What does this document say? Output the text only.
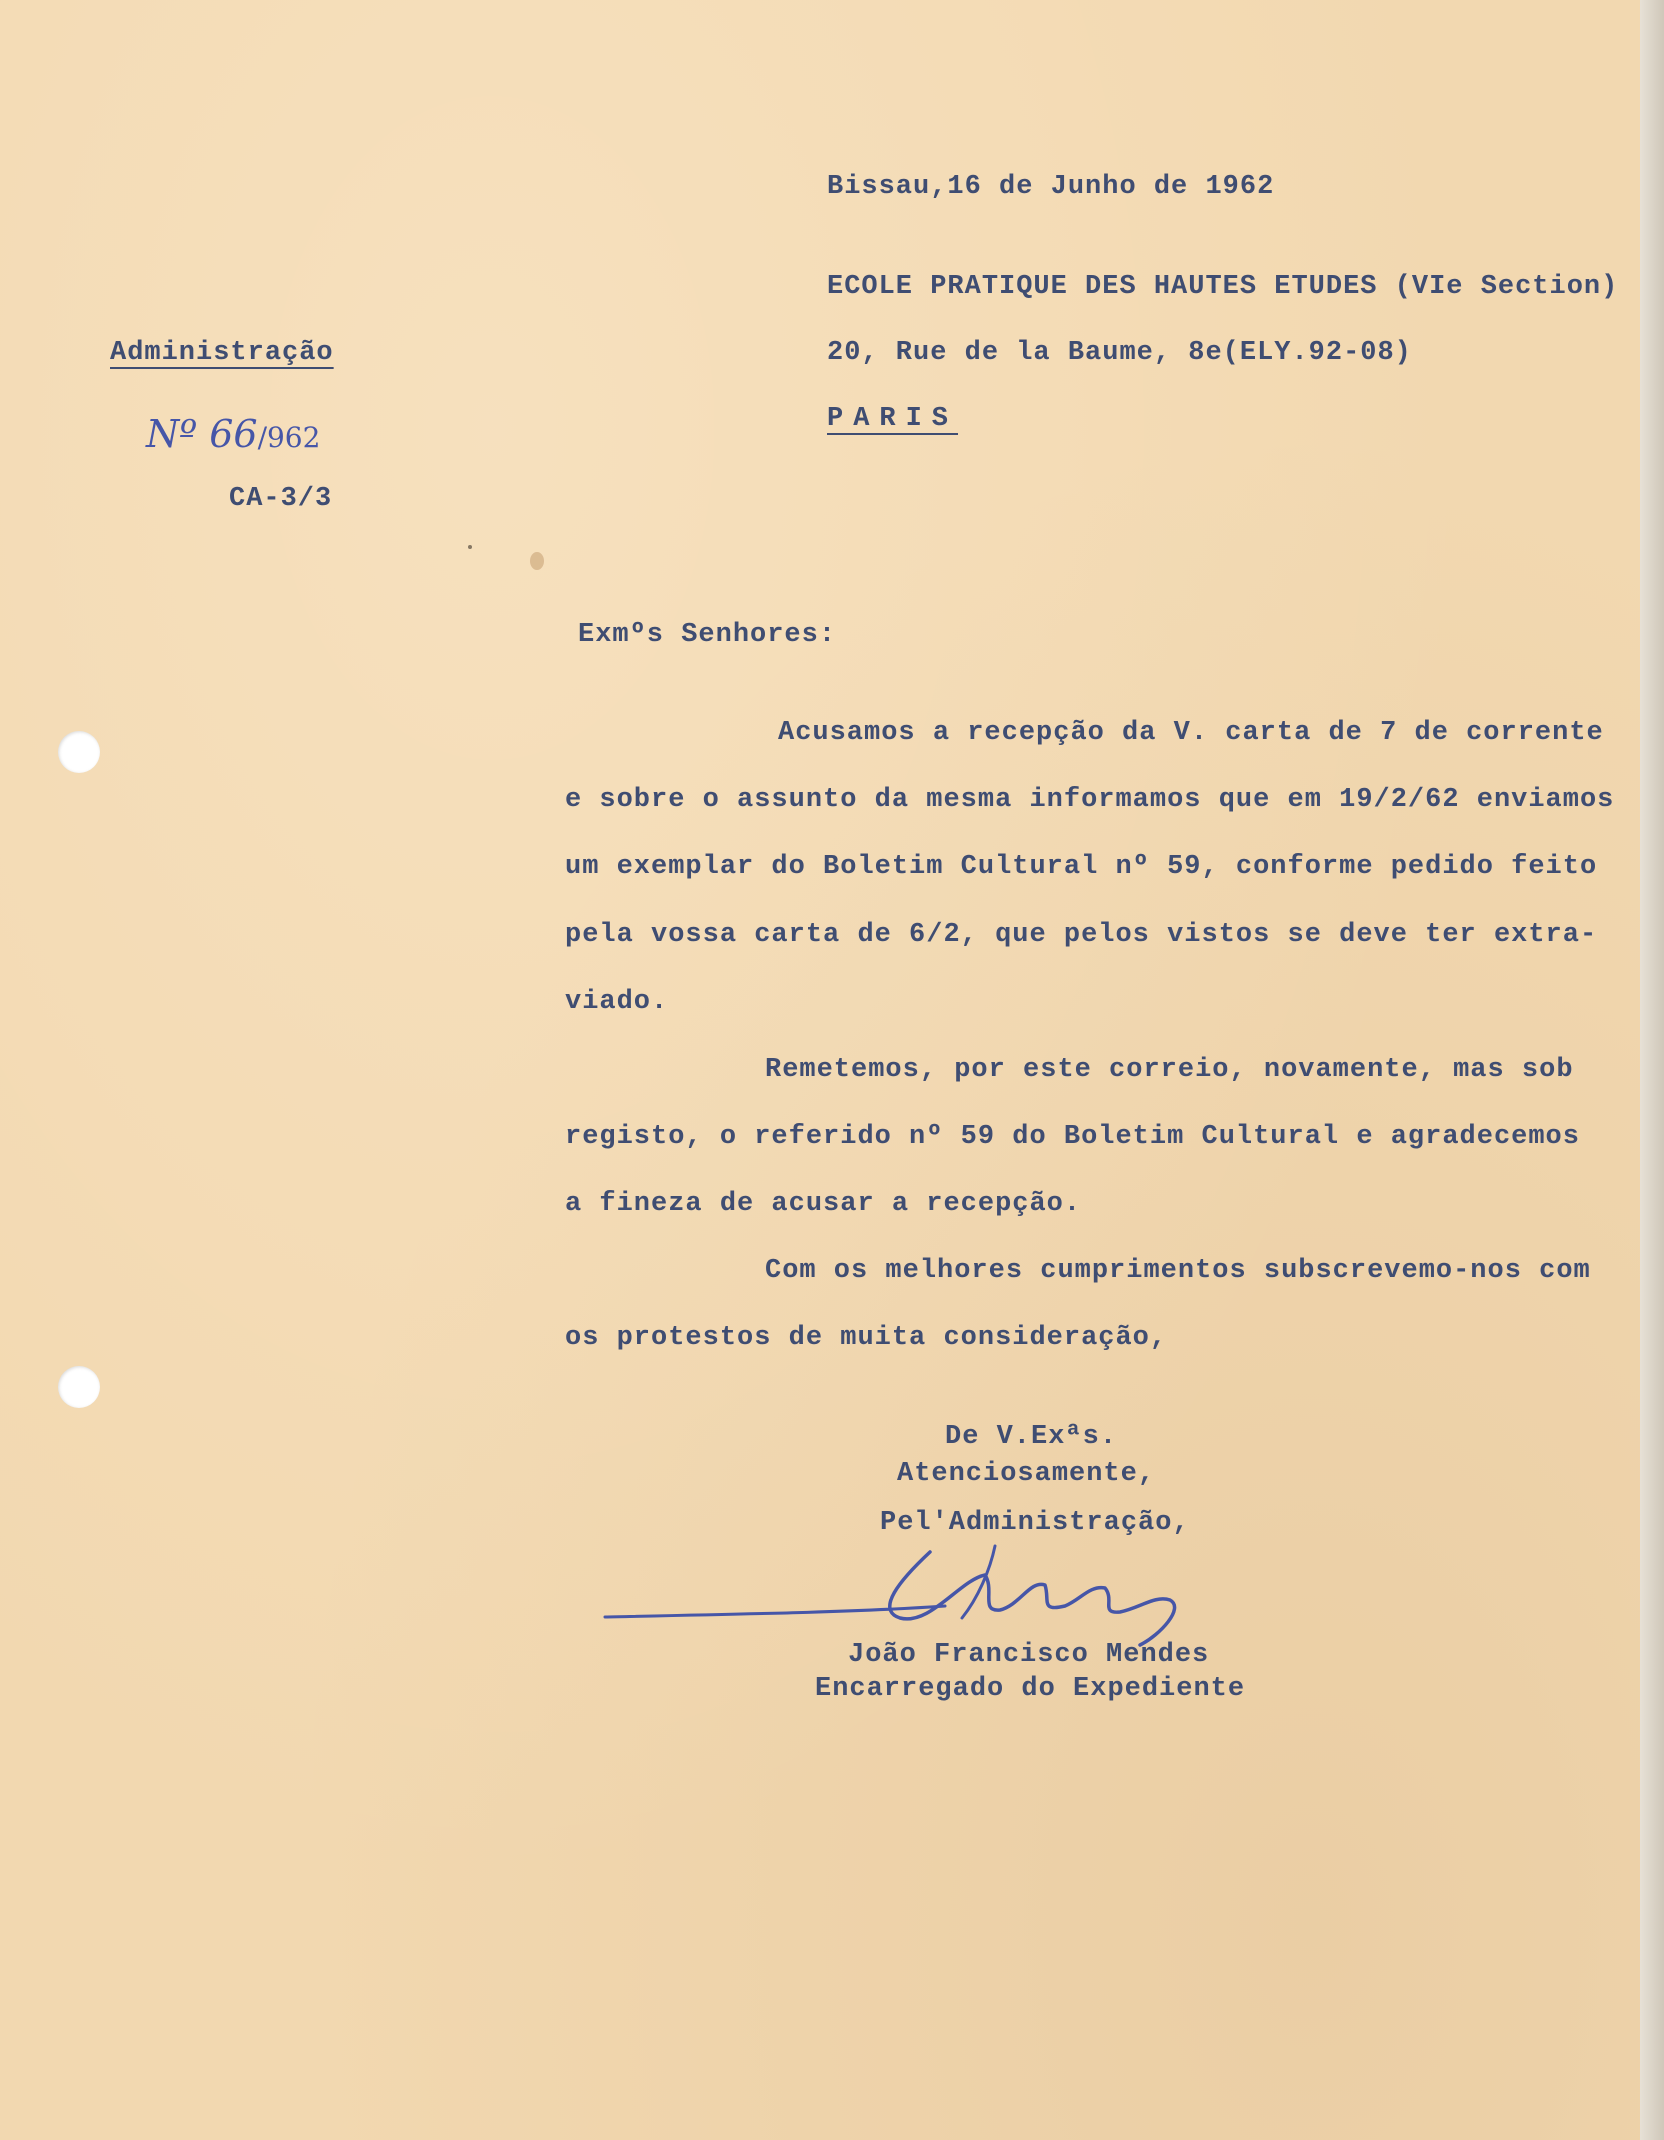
Administração
Nº 66/962
CA-3/3
Bissau,16 de Junho de 1962
ECOLE PRATIQUE DES HAUTES ETUDES (VIe Section)
20, Rue de la Baume, 8e(ELY.92-08)
PARIS
Exmºs Senhores:
Acusamos a recepção da V. carta de 7 de corrente
e sobre o assunto da mesma informamos que em 19/2/62 enviamos
um exemplar do Boletim Cultural nº 59, conforme pedido feito
pela vossa carta de 6/2, que pelos vistos se deve ter extra-
viado.
Remetemos, por este correio, novamente, mas sob
registo, o referido nº 59 do Boletim Cultural e agradecemos
a fineza de acusar a recepção.
Com os melhores cumprimentos subscrevemo-nos com
os protestos de muita consideração,
De V.Exªs.
Atenciosamente,
Pel'Administração,
João Francisco Mendes
Encarregado do Expediente
